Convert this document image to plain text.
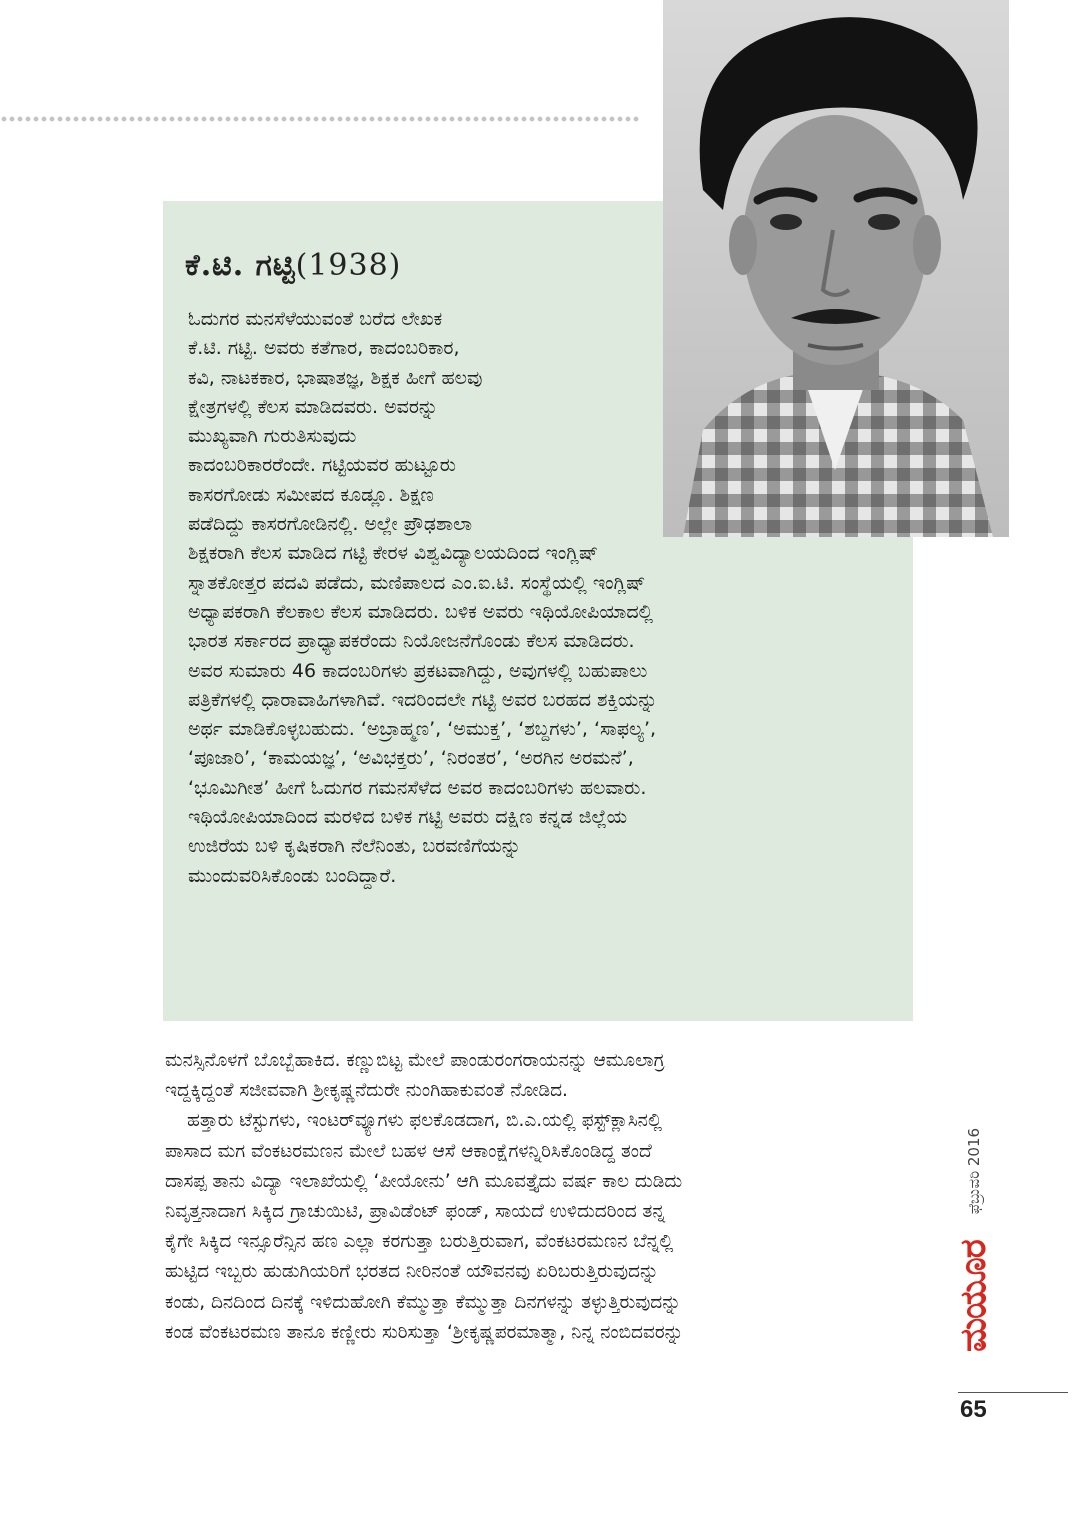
ಕೆ.ಟಿ. ಗಟ್ಟಿ(1938)
ಓದುಗರ ಮನಸೆಳೆಯುವಂತೆ ಬರೆದ ಲೇಖಕ
ಕೆ.ಟಿ. ಗಟ್ಟಿ. ಅವರು ಕತೆಗಾರ, ಕಾದಂಬರಿಕಾರ,
ಕವಿ, ನಾಟಕಕಾರ, ಭಾಷಾತಜ್ಞ, ಶಿಕ್ಷಕ ಹೀಗೆ ಹಲವು
ಕ್ಷೇತ್ರಗಳಲ್ಲಿ ಕೆಲಸ ಮಾಡಿದವರು. ಅವರನ್ನು
ಮುಖ್ಯವಾಗಿ ಗುರುತಿಸುವುದು
ಕಾದಂಬರಿಕಾರರೆಂದೇ. ಗಟ್ಟಿಯವರ ಹುಟ್ಟೂರು
ಕಾಸರಗೋಡು ಸಮೀಪದ ಕೂಡ್ಲೂ. ಶಿಕ್ಷಣ
ಪಡೆದಿದ್ದು ಕಾಸರಗೋಡಿನಲ್ಲಿ. ಅಲ್ಲೇ ಪ್ರೌಢಶಾಲಾ
ಶಿಕ್ಷಕರಾಗಿ ಕೆಲಸ ಮಾಡಿದ ಗಟ್ಟಿ ಕೇರಳ ವಿಶ್ವವಿದ್ಯಾಲಯದಿಂದ ಇಂಗ್ಲಿಷ್
ಸ್ನಾತಕೋತ್ತರ ಪದವಿ ಪಡೆದು, ಮಣಿಪಾಲದ ಎಂ.ಐ.ಟಿ. ಸಂಸ್ಥೆಯಲ್ಲಿ ಇಂಗ್ಲಿಷ್
ಅಧ್ಯಾಪಕರಾಗಿ ಕೆಲಕಾಲ ಕೆಲಸ ಮಾಡಿದರು. ಬಳಿಕ ಅವರು ಇಥಿಯೋಪಿಯಾದಲ್ಲಿ
ಭಾರತ ಸರ್ಕಾರದ ಪ್ರಾಧ್ಯಾಪಕರೆಂದು ನಿಯೋಜನೆಗೊಂಡು ಕೆಲಸ ಮಾಡಿದರು.
ಅವರ ಸುಮಾರು 46 ಕಾದಂಬರಿಗಳು ಪ್ರಕಟವಾಗಿದ್ದು, ಅವುಗಳಲ್ಲಿ ಬಹುಪಾಲು
ಪತ್ರಿಕೆಗಳಲ್ಲಿ ಧಾರಾವಾಹಿಗಳಾಗಿವೆ. ಇದರಿಂದಲೇ ಗಟ್ಟಿ ಅವರ ಬರಹದ ಶಕ್ತಿಯನ್ನು
ಅರ್ಥ ಮಾಡಿಕೊಳ್ಳಬಹುದು. ‘ಅಬ್ರಾಹ್ಮಣ’, ‘ಅಮುಕ್ತ’, ‘ಶಬ್ದಗಳು’, ‘ಸಾಫಲ್ಯ’,
‘ಪೂಜಾರಿ’, ‘ಕಾಮಯಜ್ಞ’, ‘ಅವಿಭಕ್ತರು’, ‘ನಿರಂತರ’, ‘ಅರಗಿನ ಅರಮನೆ’,
‘ಭೂಮಿಗೀತ’ ಹೀಗೆ ಓದುಗರ ಗಮನಸೆಳೆದ ಅವರ ಕಾದಂಬರಿಗಳು ಹಲವಾರು.
ಇಥಿಯೋಪಿಯಾದಿಂದ ಮರಳಿದ ಬಳಿಕ ಗಟ್ಟಿ ಅವರು ದಕ್ಷಿಣ ಕನ್ನಡ ಜಿಲ್ಲೆಯ
ಉಜಿರೆಯ ಬಳಿ ಕೃಷಿಕರಾಗಿ ನೆಲೆನಿಂತು, ಬರವಣಿಗೆಯನ್ನು
ಮುಂದುವರಿಸಿಕೊಂಡು ಬಂದಿದ್ದಾರೆ.
ಮನಸ್ಸಿನೊಳಗೆ ಬೊಬ್ಬೆಹಾಕಿದ. ಕಣ್ಣುಬಿಟ್ಟ ಮೇಲೆ ಪಾಂಡುರಂಗರಾಯನನ್ನು ಆಮೂಲಾಗ್ರ
ಇದ್ದಕ್ಕಿದ್ದಂತೆ ಸಜೀವವಾಗಿ ಶ್ರೀಕೃಷ್ಣನೆದುರೇ ನುಂಗಿಹಾಕುವಂತೆ ನೋಡಿದ.
ಹತ್ತಾರು ಟೆಸ್ಟುಗಳು, ಇಂಟರ್‌ವ್ಯೂಗಳು ಫಲಕೊಡದಾಗ, ಬಿ.ಎ.ಯಲ್ಲಿ ಫಸ್ಟ್‌ಕ್ಲಾಸಿನಲ್ಲಿ
ಪಾಸಾದ ಮಗ ವೆಂಕಟರಮಣನ ಮೇಲೆ ಬಹಳ ಆಸೆ ಆಕಾಂಕ್ಷೆಗಳನ್ನಿರಿಸಿಕೊಂಡಿದ್ದ ತಂದೆ
ದಾಸಪ್ಪ ತಾನು ವಿದ್ಯಾ ಇಲಾಖೆಯಲ್ಲಿ ‘ಪೀಯೋನು’ ಆಗಿ ಮೂವತ್ತೈದು ವರ್ಷ ಕಾಲ ದುಡಿದು
ನಿವೃತ್ತನಾದಾಗ ಸಿಕ್ಕಿದ ಗ್ರಾಚುಯಿಟಿ, ಪ್ರಾವಿಡೆಂಟ್ ಫಂಡ್, ಸಾಯದೆ ಉಳಿದುದರಿಂದ ತನ್ನ
ಕೈಗೇ ಸಿಕ್ಕಿದ ಇನ್ಸೂರೆನ್ಸಿನ ಹಣ ಎಲ್ಲಾ ಕರಗುತ್ತಾ ಬರುತ್ತಿರುವಾಗ, ವೆಂಕಟರಮಣನ ಬೆನ್ನಲ್ಲಿ
ಹುಟ್ಟಿದ ಇಬ್ಬರು ಹುಡುಗಿಯರಿಗೆ ಭರತದ ನೀರಿನಂತೆ ಯೌವನವು ಏರಿಬರುತ್ತಿರುವುದನ್ನು
ಕಂಡು, ದಿನದಿಂದ ದಿನಕ್ಕೆ ಇಳಿದುಹೋಗಿ ಕೆಮ್ಮುತ್ತಾ ಕೆಮ್ಮುತ್ತಾ ದಿನಗಳನ್ನು ತಳ್ಳುತ್ತಿರುವುದನ್ನು
ಕಂಡ ವೆಂಕಟರಮಣ ತಾನೂ ಕಣ್ಣೀರು ಸುರಿಸುತ್ತಾ ‘ಶ್ರೀಕೃಷ್ಣಪರಮಾತ್ಮಾ, ನಿನ್ನ ನಂಬಿದವರನ್ನು	ಮಯೂರ
ಫೆಬ್ರುವರಿ 2016
65
